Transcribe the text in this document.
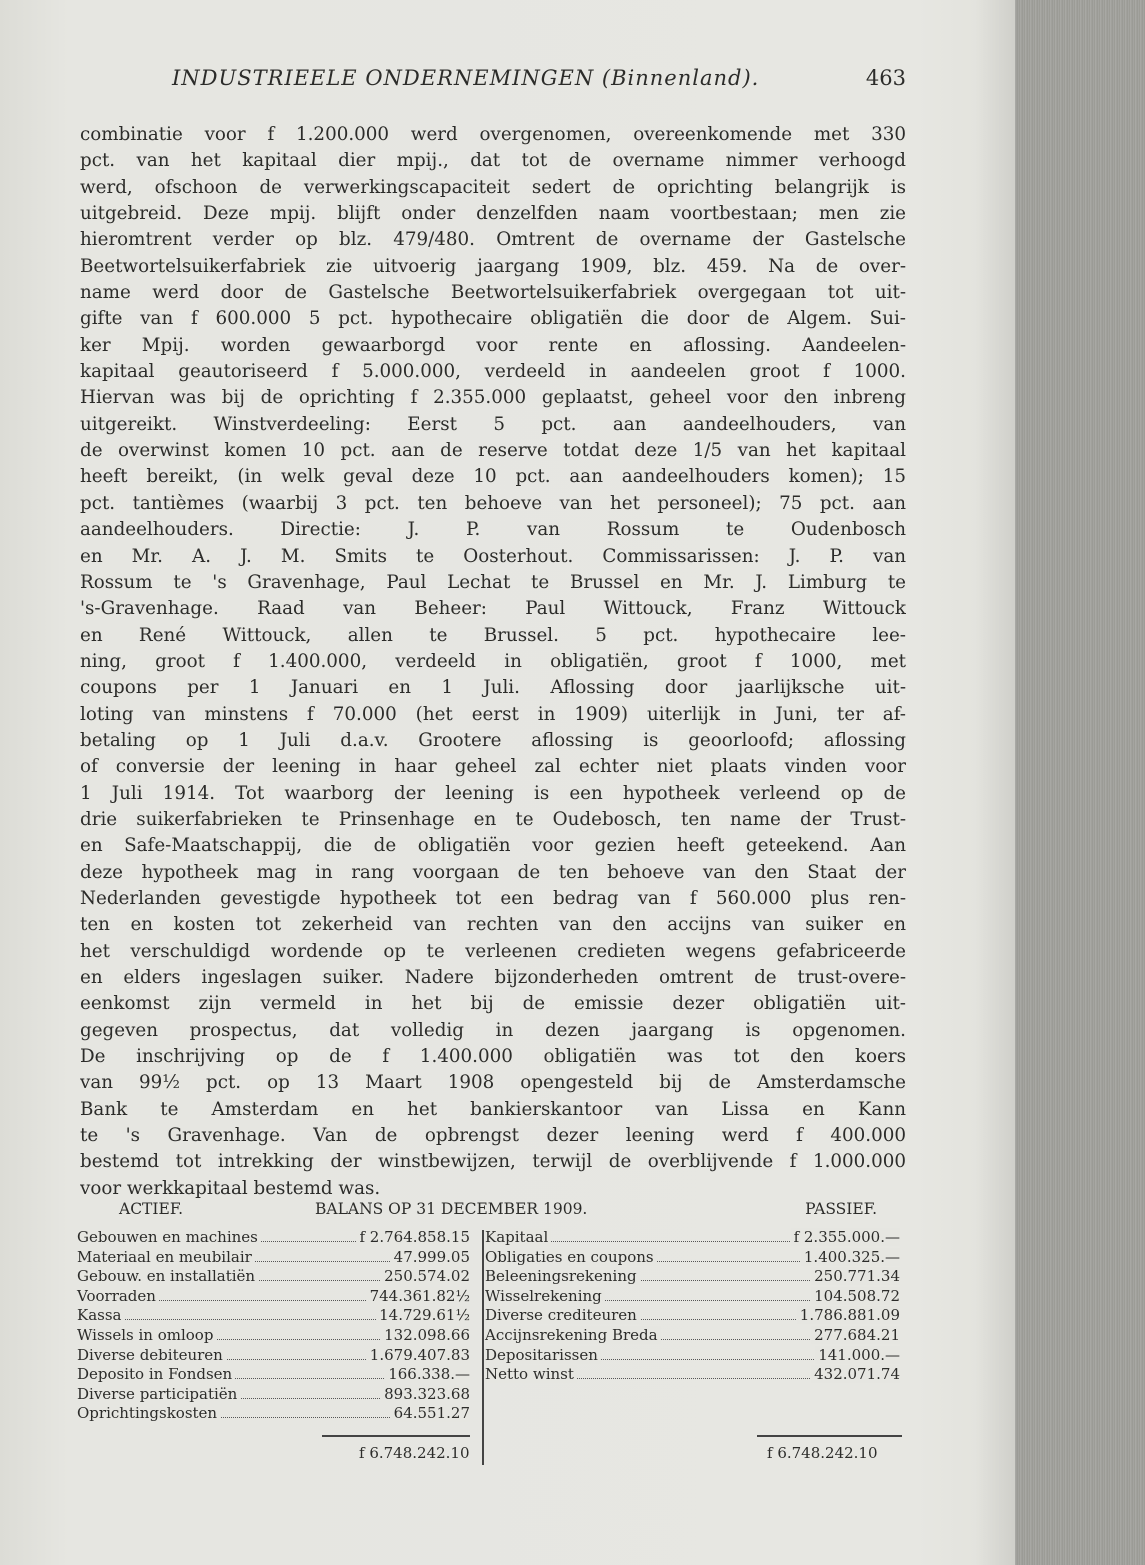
INDUSTRIEELE ONDERNEMINGEN (Binnenland).	463
combinatie voor f 1.200.000 werd overgenomen, overeenkomende met 330
pct. van het kapitaal dier mpij., dat tot de overname nimmer verhoogd
werd, ofschoon de verwerkingscapaciteit sedert de oprichting belangrijk is
uitgebreid. Deze mpij. blijft onder denzelfden naam voortbestaan; men zie
hieromtrent verder op blz. 479/480. Omtrent de overname der Gastelsche
Beetwortelsuikerfabriek zie uitvoerig jaargang 1909, blz. 459. Na de over-
name werd door de Gastelsche Beetwortelsuikerfabriek overgegaan tot uit-
gifte van f 600.000 5 pct. hypothecaire obligatiën die door de Algem. Sui-
ker Mpij. worden gewaarborgd voor rente en aflossing. Aandeelen-
kapitaal geautoriseerd f 5.000.000, verdeeld in aandeelen groot f 1000.
Hiervan was bij de oprichting f 2.355.000 geplaatst, geheel voor den inbreng
uitgereikt. Winstverdeeling: Eerst 5 pct. aan aandeelhouders, van
de overwinst komen 10 pct. aan de reserve totdat deze 1/5 van het kapitaal
heeft bereikt, (in welk geval deze 10 pct. aan aandeelhouders komen); 15
pct. tantièmes (waarbij 3 pct. ten behoeve van het personeel); 75 pct. aan
aandeelhouders. Directie: J. P. van Rossum te Oudenbosch
en Mr. A. J. M. Smits te Oosterhout. Commissarissen: J. P. van
Rossum te 's Gravenhage, Paul Lechat te Brussel en Mr. J. Limburg te
's-Gravenhage. Raad van Beheer: Paul Wittouck, Franz Wittouck
en René Wittouck, allen te Brussel. 5 pct. hypothecaire lee-
ning, groot f 1.400.000, verdeeld in obligatiën, groot f 1000, met
coupons per 1 Januari en 1 Juli. Aflossing door jaarlijksche uit-
loting van minstens f 70.000 (het eerst in 1909) uiterlijk in Juni, ter af-
betaling op 1 Juli d.a.v. Grootere aflossing is geoorloofd; aflossing
of conversie der leening in haar geheel zal echter niet plaats vinden voor
1 Juli 1914. Tot waarborg der leening is een hypotheek verleend op de
drie suikerfabrieken te Prinsenhage en te Oudebosch, ten name der Trust-
en Safe-Maatschappij, die de obligatiën voor gezien heeft geteekend. Aan
deze hypotheek mag in rang voorgaan de ten behoeve van den Staat der
Nederlanden gevestigde hypotheek tot een bedrag van f 560.000 plus ren-
ten en kosten tot zekerheid van rechten van den accijns van suiker en
het verschuldigd wordende op te verleenen credieten wegens gefabriceerde
en elders ingeslagen suiker. Nadere bijzonderheden omtrent de trust-overe-
eenkomst zijn vermeld in het bij de emissie dezer obligatiën uit-
gegeven prospectus, dat volledig in dezen jaargang is opgenomen.
De inschrijving op de f 1.400.000 obligatiën was tot den koers
van 99½ pct. op 13 Maart 1908 opengesteld bij de Amsterdamsche
Bank te Amsterdam en het bankierskantoor van Lissa en Kann
te 's Gravenhage. Van de opbrengst dezer leening werd f 400.000
bestemd tot intrekking der winstbewijzen, terwijl de overblijvende f 1.000.000
voor werkkapitaal bestemd was.
ACTIEF.	BALANS OP 31 DECEMBER 1909.	PASSIEF.
Gebouwen en machines	f 2.764.858.15
Materiaal en meubilair	47.999.05
Gebouw. en installatiën	250.574.02
Voorraden	744.361.82½
Kassa	14.729.61½
Wissels in omloop	132.098.66
Diverse debiteuren	1.679.407.83
Deposito in Fondsen	166.338.—
Diverse participatiën	893.323.68
Oprichtingskosten	64.551.27
Kapitaal	f 2.355.000.—
Obligaties en coupons	1.400.325.—
Beleeningsrekening	250.771.34
Wisselrekening	104.508.72
Diverse crediteuren	1.786.881.09
Accijnsrekening Breda	277.684.21
Depositarissen	141.000.—
Netto winst	432.071.74
f 6.748.242.10	f 6.748.242.10
